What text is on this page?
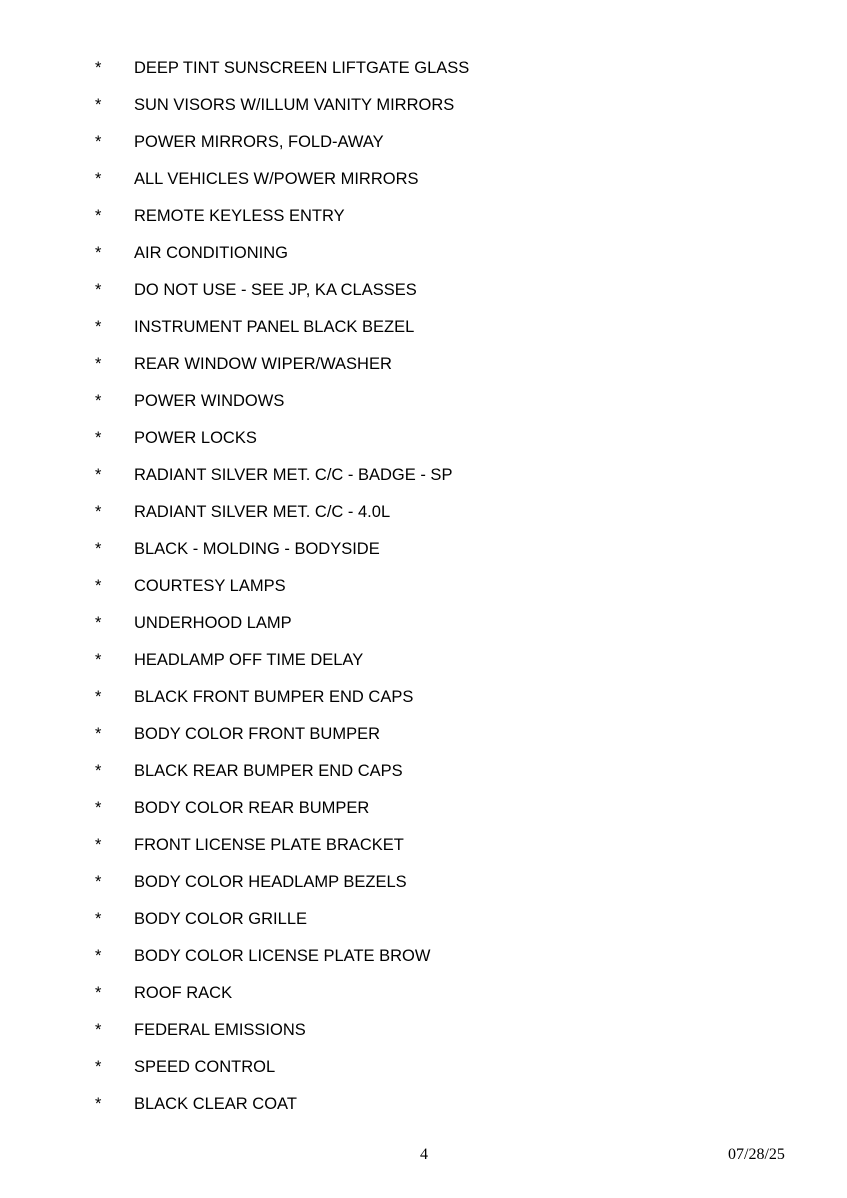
* DEEP TINT SUNSCREEN LIFTGATE GLASS
* SUN VISORS W/ILLUM VANITY MIRRORS
* POWER MIRRORS, FOLD-AWAY
* ALL VEHICLES W/POWER MIRRORS
* REMOTE KEYLESS ENTRY
* AIR CONDITIONING
* DO NOT USE - SEE JP, KA CLASSES
* INSTRUMENT PANEL BLACK BEZEL
* REAR WINDOW WIPER/WASHER
* POWER WINDOWS
* POWER LOCKS
* RADIANT SILVER MET. C/C - BADGE - SP
* RADIANT SILVER MET. C/C - 4.0L
* BLACK - MOLDING - BODYSIDE
* COURTESY LAMPS
* UNDERHOOD LAMP
* HEADLAMP OFF TIME DELAY
* BLACK FRONT BUMPER END CAPS
* BODY COLOR FRONT BUMPER
* BLACK REAR BUMPER END CAPS
* BODY COLOR REAR BUMPER
* FRONT LICENSE PLATE BRACKET
* BODY COLOR HEADLAMP BEZELS
* BODY COLOR GRILLE
* BODY COLOR LICENSE PLATE BROW
* ROOF RACK
* FEDERAL EMISSIONS
* SPEED CONTROL
* BLACK CLEAR COAT
4	07/28/25
